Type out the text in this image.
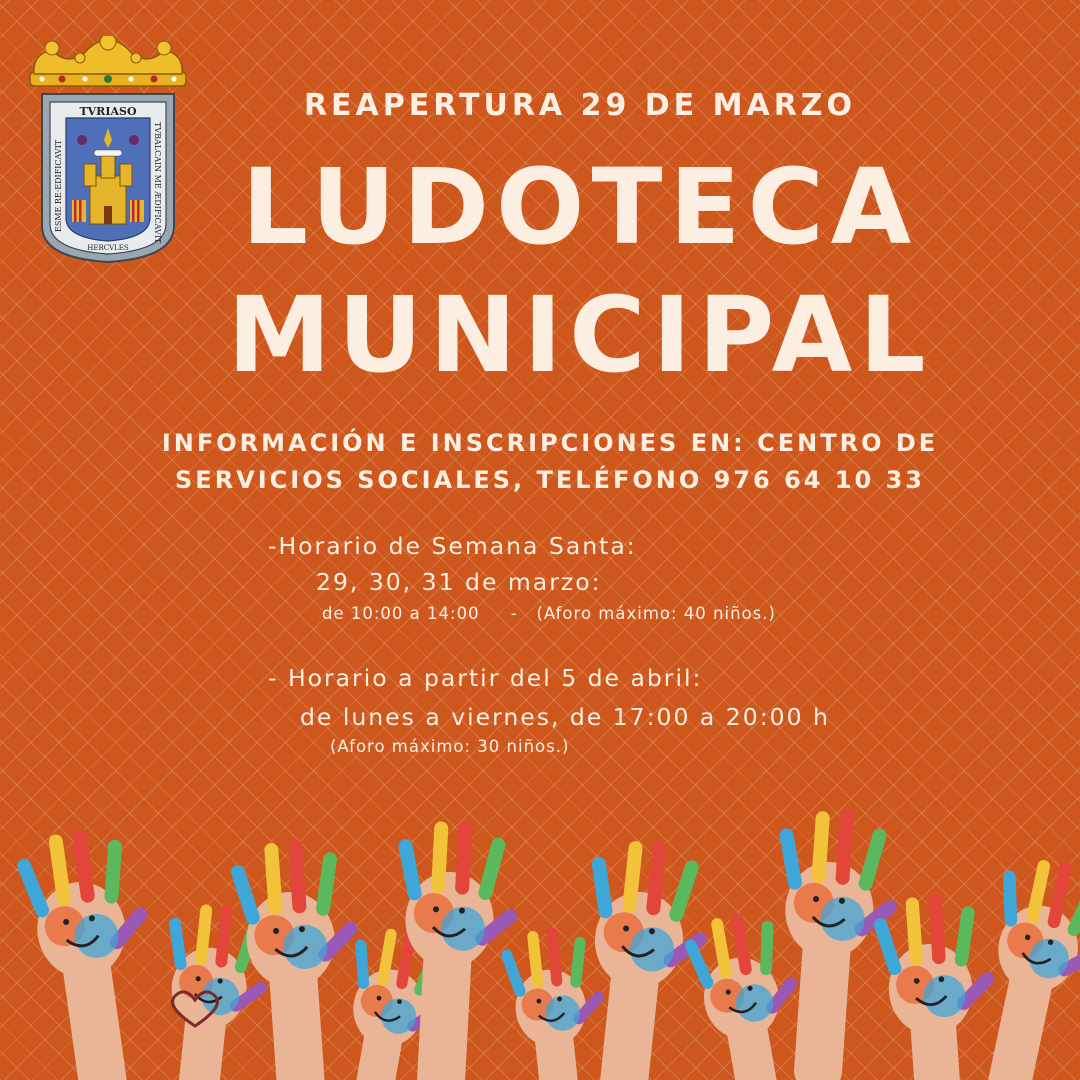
TVRIASO
ESME RE·EDIFICAVIT	TVBALCAIN ME ÆDIFICAVIT
HERCVLES
REAPERTURA 29 DE MARZO
LUDOTECA
MUNICIPAL
INFORMACIÓN E INSCRIPCIONES EN: CENTRO DE
SERVICIOS SOCIALES, TELÉFONO 976 64 10 33
-Horario de Semana Santa:
29, 30, 31 de marzo:
de 10:00 a 14:00     -   (Aforo máximo: 40 niños.)
- Horario a partir del 5 de abril:
de lunes a viernes, de 17:00 a 20:00 h
(Aforo máximo: 30 niños.)
